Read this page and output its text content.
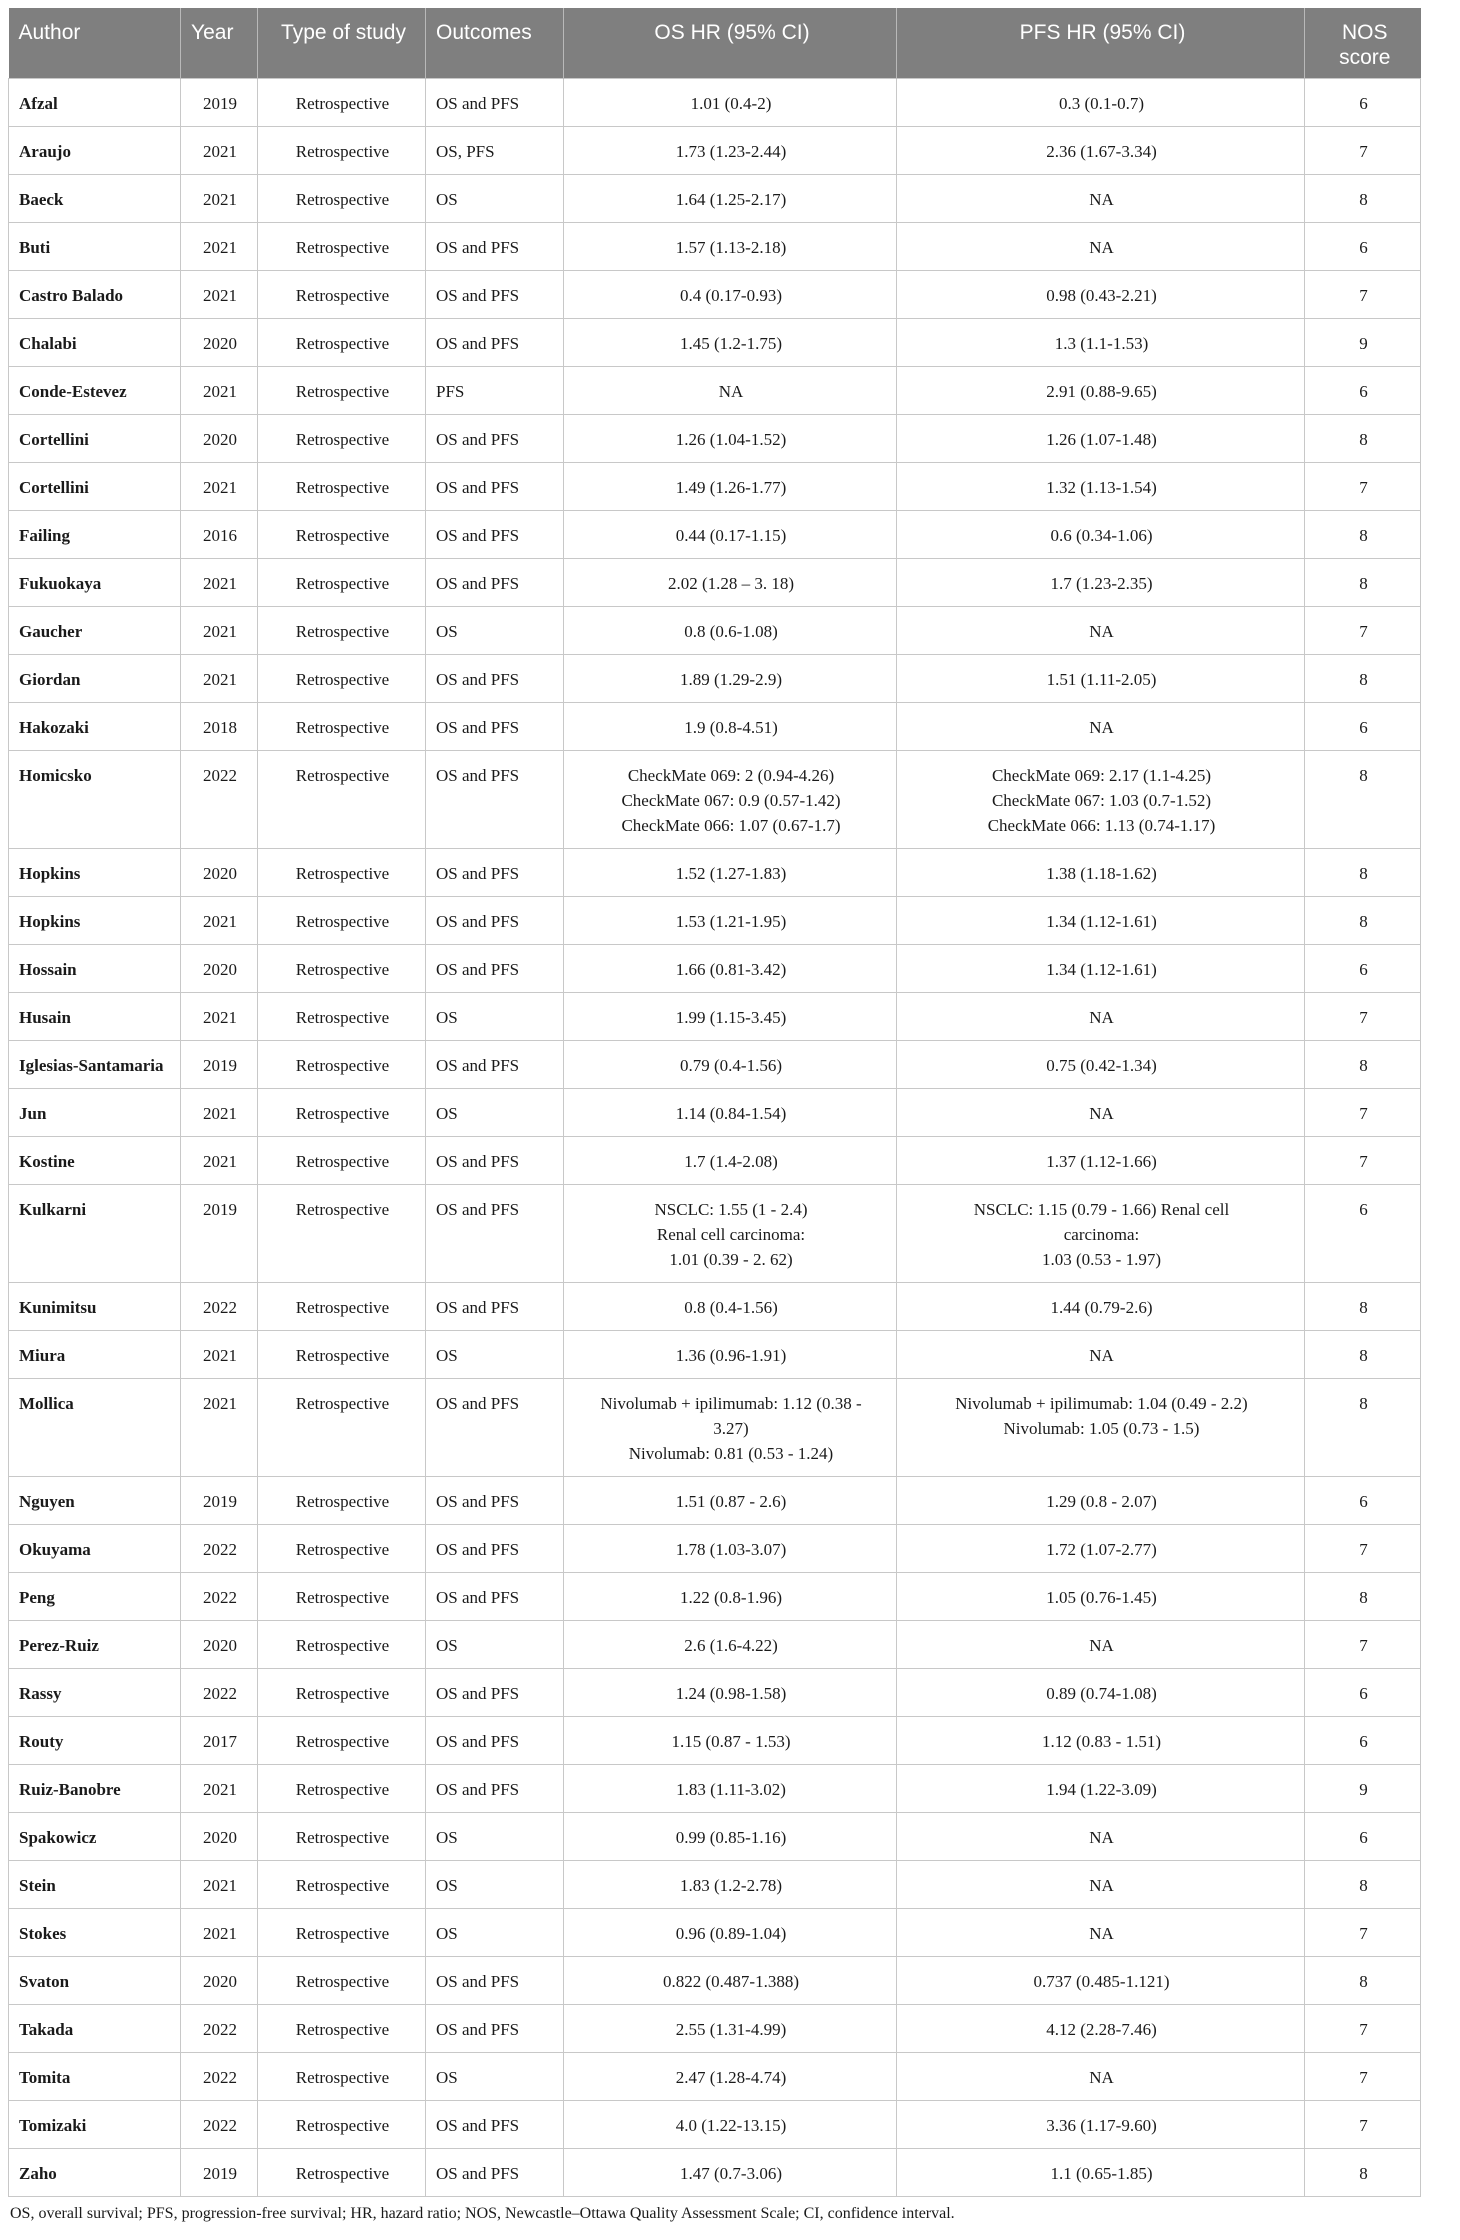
Author	Year	Type of study	Outcomes	OS HR (95% CI)	PFS HR (95% CI)	NOS score
Afzal	2019	Retrospective	OS and PFS	1.01 (0.4-2)	0.3 (0.1-0.7)	6
Araujo	2021	Retrospective	OS, PFS	1.73 (1.23-2.44)	2.36 (1.67-3.34)	7
Baeck	2021	Retrospective	OS	1.64 (1.25-2.17)	NA	8
Buti	2021	Retrospective	OS and PFS	1.57 (1.13-2.18)	NA	6
Castro Balado	2021	Retrospective	OS and PFS	0.4 (0.17-0.93)	0.98 (0.43-2.21)	7
Chalabi	2020	Retrospective	OS and PFS	1.45 (1.2-1.75)	1.3 (1.1-1.53)	9
Conde-Estevez	2021	Retrospective	PFS	NA	2.91 (0.88-9.65)	6
Cortellini	2020	Retrospective	OS and PFS	1.26 (1.04-1.52)	1.26 (1.07-1.48)	8
Cortellini	2021	Retrospective	OS and PFS	1.49 (1.26-1.77)	1.32 (1.13-1.54)	7
Failing	2016	Retrospective	OS and PFS	0.44 (0.17-1.15)	0.6 (0.34-1.06)	8
Fukuokaya	2021	Retrospective	OS and PFS	2.02 (1.28 – 3. 18)	1.7 (1.23-2.35)	8
Gaucher	2021	Retrospective	OS	0.8 (0.6-1.08)	NA	7
Giordan	2021	Retrospective	OS and PFS	1.89 (1.29-2.9)	1.51 (1.11-2.05)	8
Hakozaki	2018	Retrospective	OS and PFS	1.9 (0.8-4.51)	NA	6
Homicsko	2022	Retrospective	OS and PFS	CheckMate 069: 2 (0.94-4.26)
CheckMate 067: 0.9 (0.57-1.42)
CheckMate 066: 1.07 (0.67-1.7)	CheckMate 069: 2.17 (1.1-4.25)
CheckMate 067: 1.03 (0.7-1.52)
CheckMate 066: 1.13 (0.74-1.17)	8
Hopkins	2020	Retrospective	OS and PFS	1.52 (1.27-1.83)	1.38 (1.18-1.62)	8
Hopkins	2021	Retrospective	OS and PFS	1.53 (1.21-1.95)	1.34 (1.12-1.61)	8
Hossain	2020	Retrospective	OS and PFS	1.66 (0.81-3.42)	1.34 (1.12-1.61)	6
Husain	2021	Retrospective	OS	1.99 (1.15-3.45)	NA	7
Iglesias-Santamaria	2019	Retrospective	OS and PFS	0.79 (0.4-1.56)	0.75 (0.42-1.34)	8
Jun	2021	Retrospective	OS	1.14 (0.84-1.54)	NA	7
Kostine	2021	Retrospective	OS and PFS	1.7 (1.4-2.08)	1.37 (1.12-1.66)	7
Kulkarni	2019	Retrospective	OS and PFS	NSCLC: 1.55 (1 - 2.4)
Renal cell carcinoma:
1.01 (0.39 - 2. 62)	NSCLC: 1.15 (0.79 - 1.66) Renal cell
carcinoma:
1.03 (0.53 - 1.97)	6
Kunimitsu	2022	Retrospective	OS and PFS	0.8 (0.4-1.56)	1.44 (0.79-2.6)	8
Miura	2021	Retrospective	OS	1.36 (0.96-1.91)	NA	8
Mollica	2021	Retrospective	OS and PFS	Nivolumab + ipilimumab: 1.12 (0.38 -
3.27)
Nivolumab: 0.81 (0.53 - 1.24)	Nivolumab + ipilimumab: 1.04 (0.49 - 2.2)
Nivolumab: 1.05 (0.73 - 1.5)	8
Nguyen	2019	Retrospective	OS and PFS	1.51 (0.87 - 2.6)	1.29 (0.8 - 2.07)	6
Okuyama	2022	Retrospective	OS and PFS	1.78 (1.03-3.07)	1.72 (1.07-2.77)	7
Peng	2022	Retrospective	OS and PFS	1.22 (0.8-1.96)	1.05 (0.76-1.45)	8
Perez-Ruiz	2020	Retrospective	OS	2.6 (1.6-4.22)	NA	7
Rassy	2022	Retrospective	OS and PFS	1.24 (0.98-1.58)	0.89 (0.74-1.08)	6
Routy	2017	Retrospective	OS and PFS	1.15 (0.87 - 1.53)	1.12 (0.83 - 1.51)	6
Ruiz-Banobre	2021	Retrospective	OS and PFS	1.83 (1.11-3.02)	1.94 (1.22-3.09)	9
Spakowicz	2020	Retrospective	OS	0.99 (0.85-1.16)	NA	6
Stein	2021	Retrospective	OS	1.83 (1.2-2.78)	NA	8
Stokes	2021	Retrospective	OS	0.96 (0.89-1.04)	NA	7
Svaton	2020	Retrospective	OS and PFS	0.822 (0.487-1.388)	0.737 (0.485-1.121)	8
Takada	2022	Retrospective	OS and PFS	2.55 (1.31-4.99)	4.12 (2.28-7.46)	7
Tomita	2022	Retrospective	OS	2.47 (1.28-4.74)	NA	7
Tomizaki	2022	Retrospective	OS and PFS	4.0 (1.22-13.15)	3.36 (1.17-9.60)	7
Zaho	2019	Retrospective	OS and PFS	1.47 (0.7-3.06)	1.1 (0.65-1.85)	8
OS, overall survival; PFS, progression-free survival; HR, hazard ratio; NOS, Newcastle–Ottawa Quality Assessment Scale; CI, confidence interval.
